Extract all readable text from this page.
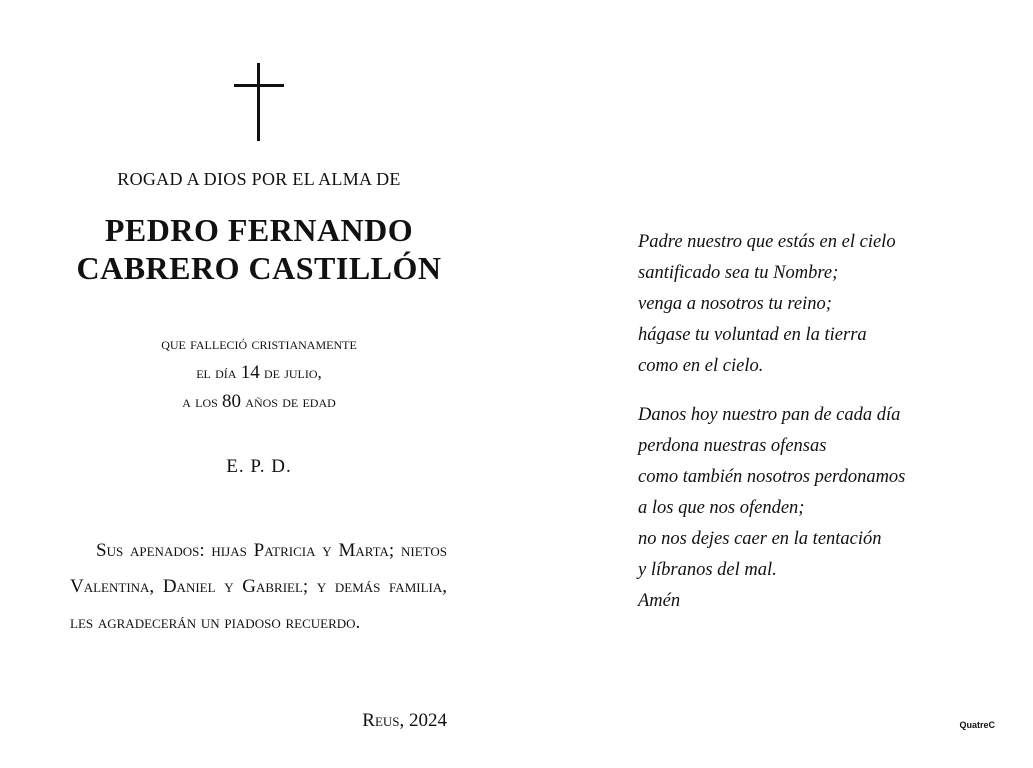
ROGAD A DIOS POR EL ALMA DE
PEDRO FERNANDO
CABRERO CASTILLÓN
que falleció cristianamente
el día 14 de julio,
a los 80 años de edad
E. P. D.
Sus apenados: hijas Patricia y Marta; nietos Valentina, Daniel y Gabriel; y demás familia, les agradecerán un piadoso recuerdo.
Reus, 2024
Padre nuestro que estás en el cielo
santificado sea tu Nombre;
venga a nosotros tu reino;
hágase tu voluntad en la tierra
como en el cielo.
Danos hoy nuestro pan de cada día
perdona nuestras ofensas
como también nosotros perdonamos
a los que nos ofenden;
no nos dejes caer en la tentación
y líbranos del mal.
Amén
QuatreC
